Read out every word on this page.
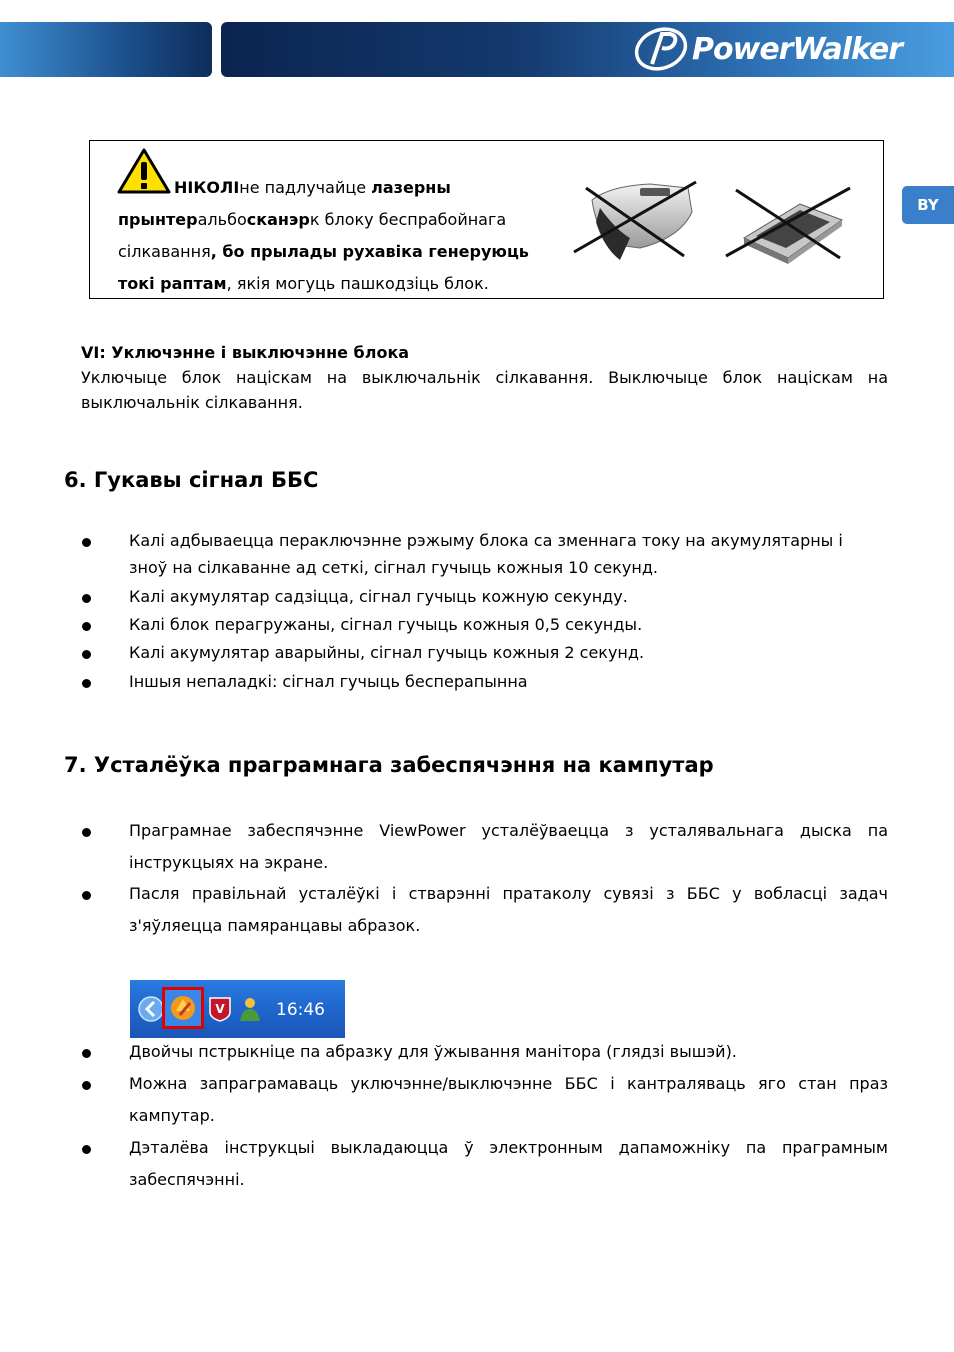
PowerWalker
BY
НІКОЛІне падлучайце лазерны
прынтеральбосканэрк блоку беспрабойнага
сілкавання, бо прылады рухавіка генеруюць
токі раптам, якія могуць пашкодзіць блок.
VI: Уключэнне і выключэнне блока
Уключыце блок націскам на выключальнік сілкавання. Выключыце блок націскам на
выключальнік сілкавання.
6. Гукавы сігнал ББС
Калі адбываецца пераключэнне рэжыму блока са зменнага току на акумулятарны і
зноў на сілкаванне ад сеткі, сігнал гучыць кожныя 10 секунд.
Калі акумулятар садзіцца, сігнал гучыць кожную секунду.
Калі блок перагружаны, сігнал гучыць кожныя 0,5 секунды.
Калі акумулятар аварыйны, сігнал гучыць кожныя 2 секунд.
Іншыя непаладкі: сігнал гучыць бесперапынна
7. Усталёўка праграмнага забеспячэння на кампутар
Праграмнае забеспячэнне ViewPower усталёўваецца з усталявальнага дыска па
інструкцыях на экране.
Пасля правільнай усталёўкі і стварэнні пратаколу сувязі з ББС у вобласці задач
з'яўляецца памяранцавы абразок.
V	16:46
Двойчы пстрыкніце па абразку для ўжывання манітора (глядзі вышэй).
Можна запраграмаваць уключэнне/выключэнне ББС і кантраляваць яго стан праз
кампутар.
Дэталёва інструкцыі выкладаюцца ў электронным дапаможніку па праграмным
забеспячэнні.
